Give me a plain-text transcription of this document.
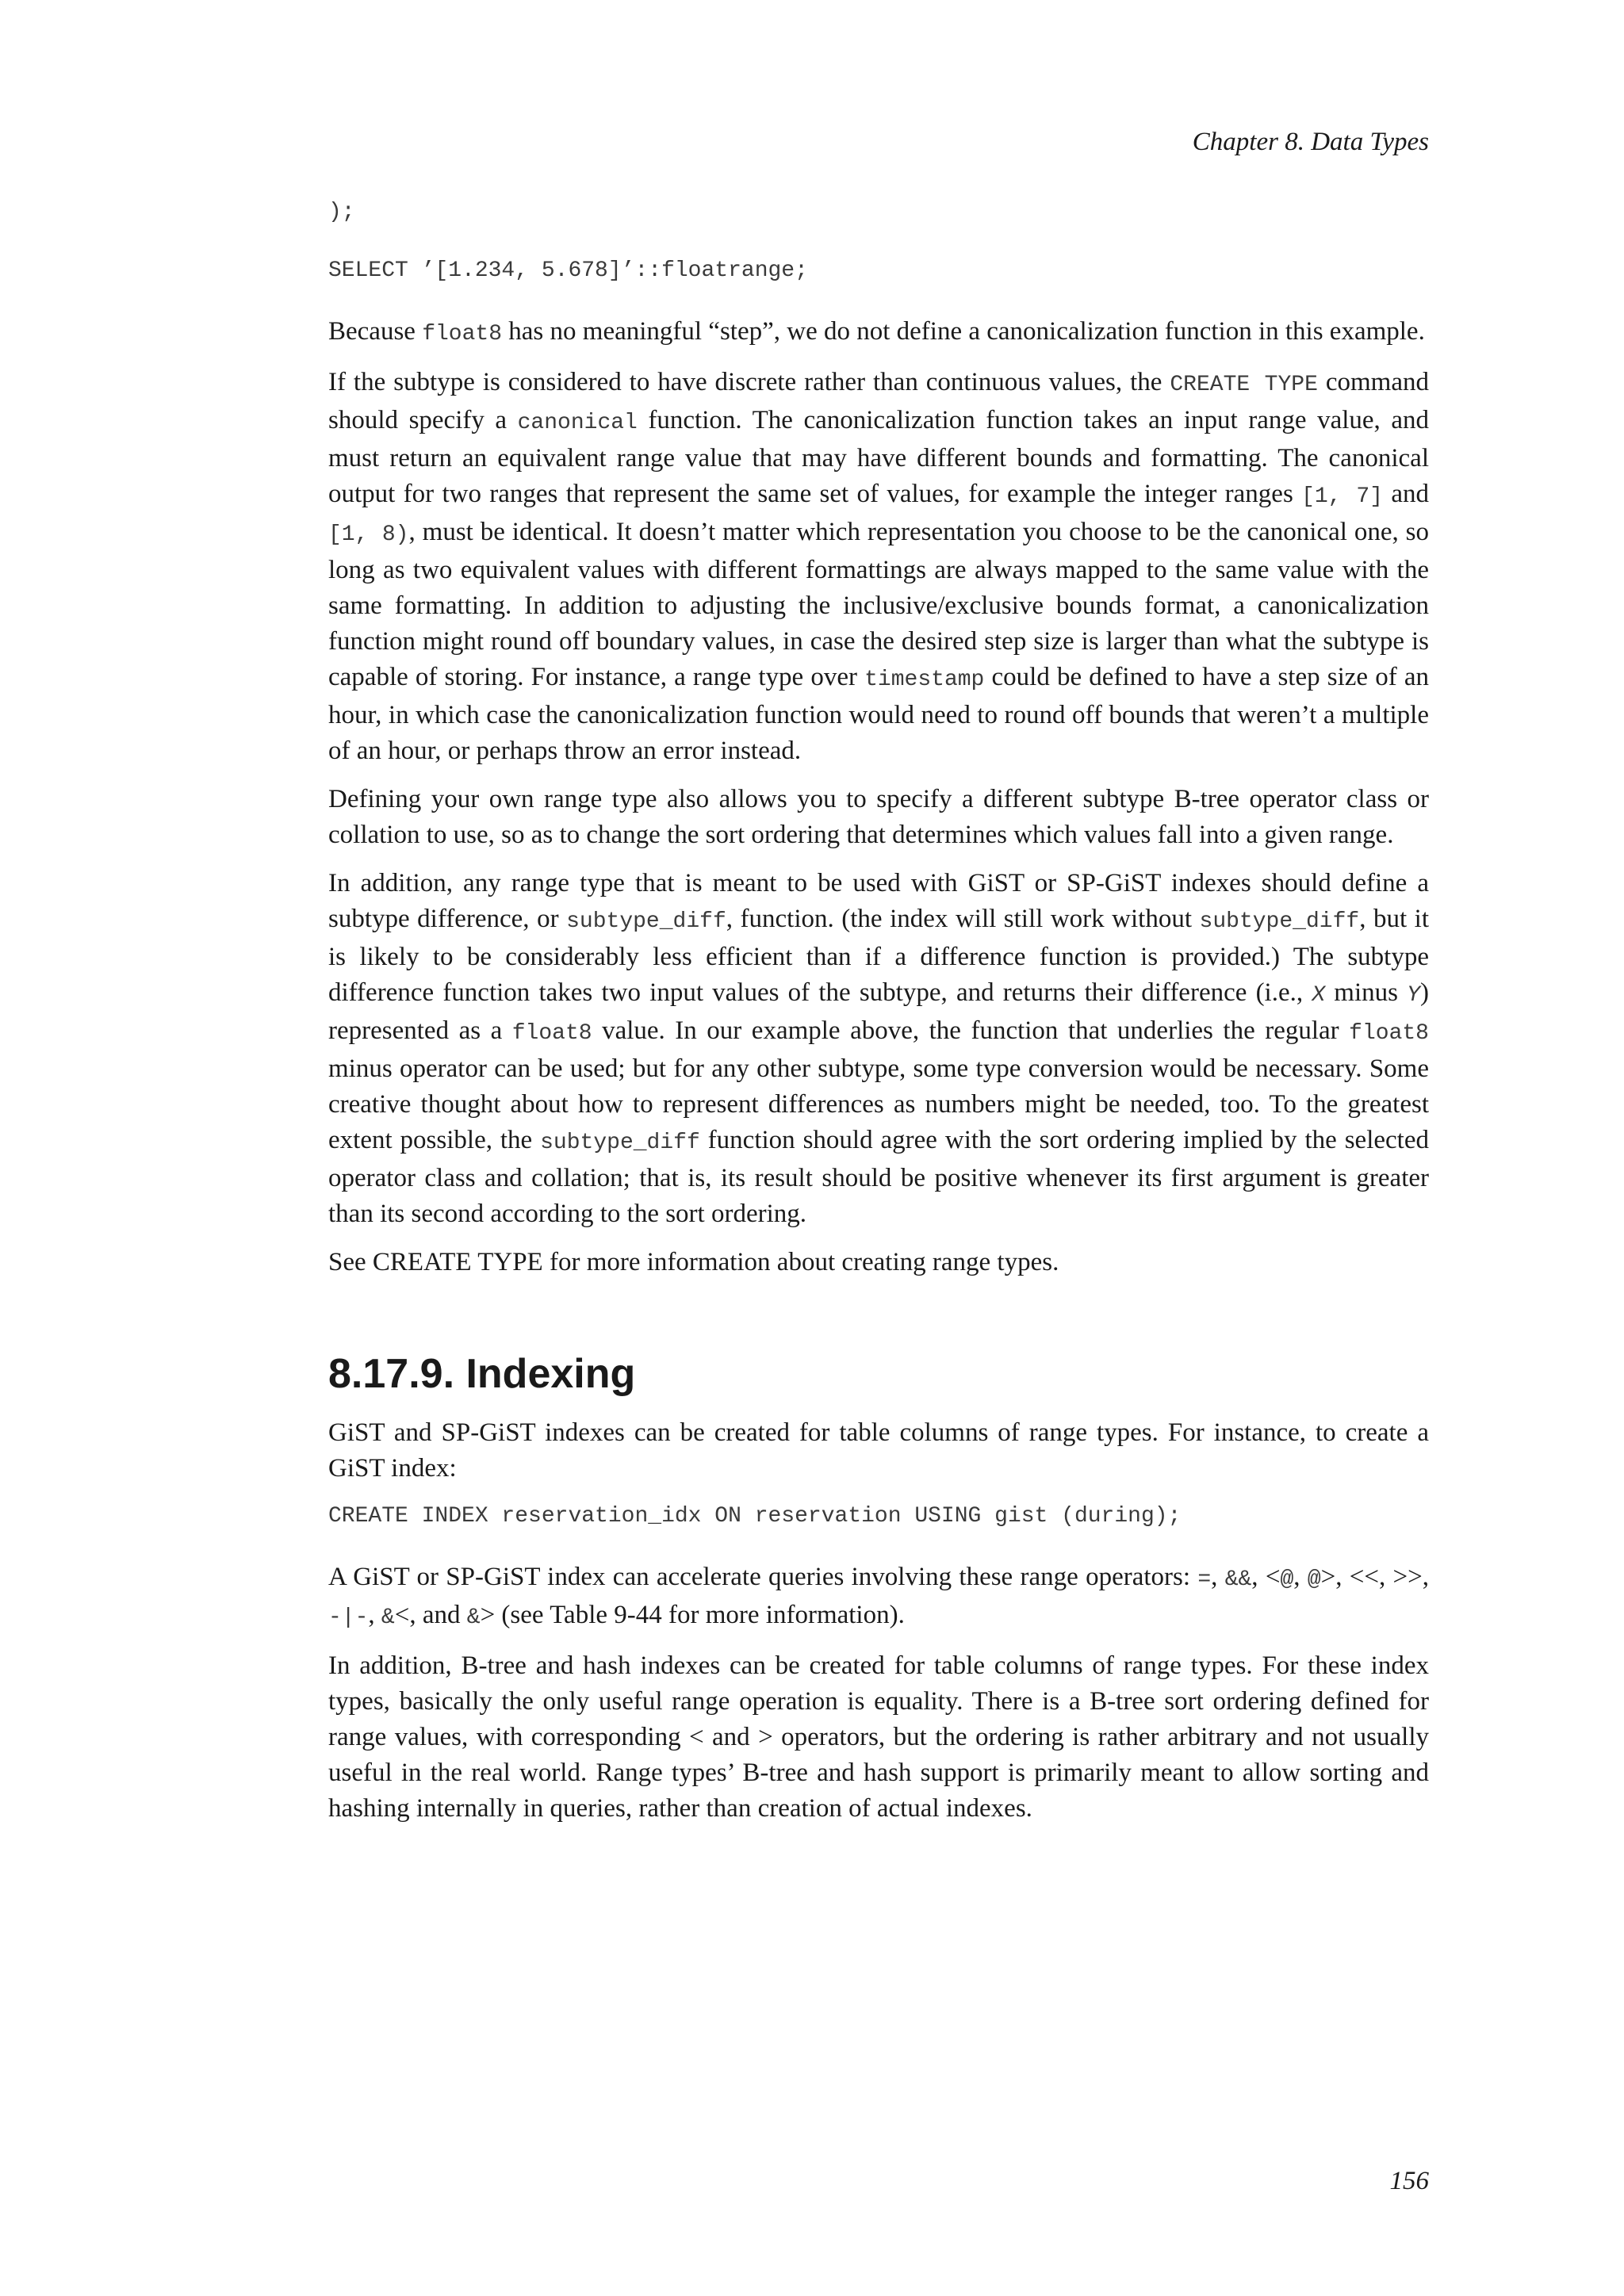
Chapter 8. Data Types
);
SELECT ’[1.234, 5.678]’::floatrange;

Because float8 has no meaningful “step”, we do not define a canonicalization function in this example.

If the subtype is considered to have discrete rather than continuous values, the CREATE TYPE command should specify a canonical function. The canonicalization function takes an input range value, and must return an equivalent range value that may have different bounds and formatting. The canonical output for two ranges that represent the same set of values, for example the integer ranges [1, 7] and [1, 8), must be identical. It doesn’t matter which representation you choose to be the canonical one, so long as two equivalent values with different formattings are always mapped to the same value with the same formatting. In addition to adjusting the inclusive/exclusive bounds format, a canonicalization function might round off boundary values, in case the desired step size is larger than what the subtype is capable of storing. For instance, a range type over timestamp could be defined to have a step size of an hour, in which case the canonicalization function would need to round off bounds that weren’t a multiple of an hour, or perhaps throw an error instead.

Defining your own range type also allows you to specify a different subtype B-tree operator class or collation to use, so as to change the sort ordering that determines which values fall into a given range.

In addition, any range type that is meant to be used with GiST or SP-GiST indexes should define a subtype difference, or subtype_diff, function. (the index will still work without subtype_diff, but it is likely to be considerably less efficient than if a difference function is provided.) The subtype difference function takes two input values of the subtype, and returns their difference (i.e., X minus Y) represented as a float8 value. In our example above, the function that underlies the regular float8 minus operator can be used; but for any other subtype, some type conversion would be necessary. Some creative thought about how to represent differences as numbers might be needed, too. To the greatest extent possible, the subtype_diff function should agree with the sort ordering implied by the selected operator class and collation; that is, its result should be positive whenever its first argument is greater than its second according to the sort ordering.

See CREATE TYPE for more information about creating range types.

8.17.9. Indexing

GiST and SP-GiST indexes can be created for table columns of range types. For instance, to create a GiST index:

CREATE INDEX reservation_idx ON reservation USING gist (during);

A GiST or SP-GiST index can accelerate queries involving these range operators: =, &&, <@, @>, <<, >>, -|-, &<, and &> (see Table 9-44 for more information).

In addition, B-tree and hash indexes can be created for table columns of range types. For these index types, basically the only useful range operation is equality. There is a B-tree sort ordering defined for range values, with corresponding < and > operators, but the ordering is rather arbitrary and not usually useful in the real world. Range types’ B-tree and hash support is primarily meant to allow sorting and hashing internally in queries, rather than creation of actual indexes.

156
